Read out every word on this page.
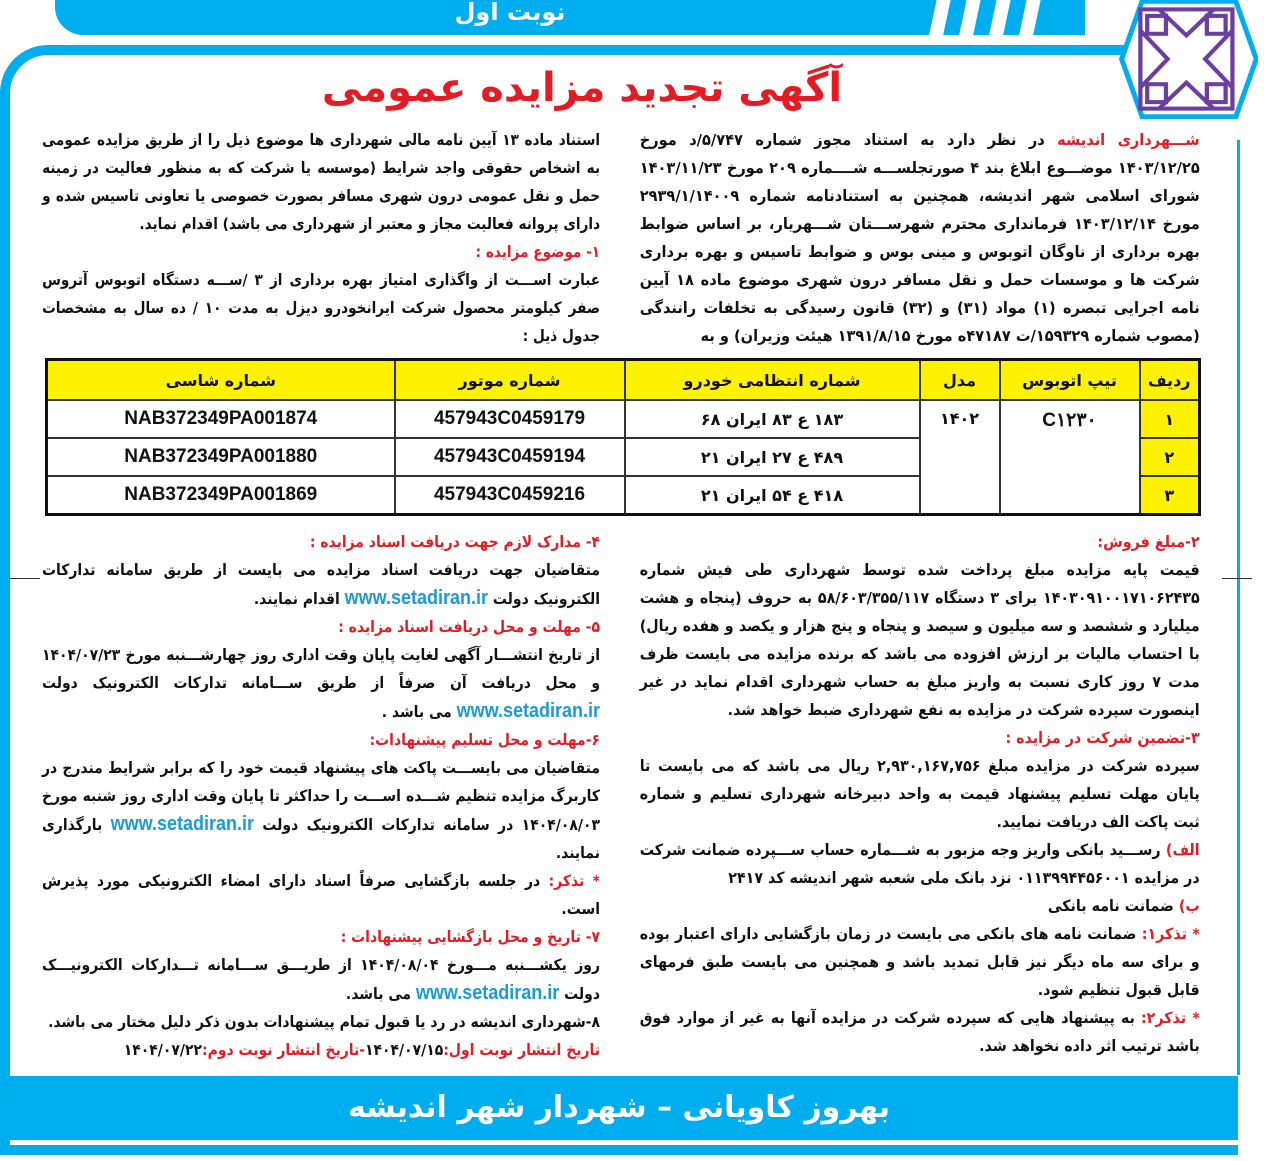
نوبت اول
آگهی تجدید مزایده عمومی

شـــهرداری اندیشه در نظر دارد به استناد مجوز شماره ۵/۷۴۷/د مورخ ۱۴۰۳/۱۲/۲۵ موضـــوع ابلاغ بند ۴ صورتجلســـه شــــماره ۲۰۹ مورخ ۱۴۰۳/۱۱/۲۳ شورای اسلامی شهر اندیشه، همچنین به استنادنامه شماره ۲۹۳۹/۱/۱۴۰۰۹ مورخ ۱۴۰۳/۱۲/۱۴ فرمانداری محترم شهرســـتان شـــهریار، بر اساس ضوابط بهره برداری از ناوگان اتوبوس و مینی بوس و ضوابط تاسیس و بهره برداری شرکت ها و موسسات حمل و نقل مسافر درون شهری موضوع ماده ۱۸ آیین نامه اجرایی تبصره (۱) مواد (۳۱) و (۳۲) قانون رسیدگی به تخلفات رانندگی (مصوب شماره ۱۵۹۳۲۹/ت ۴۷۱۸۷ه مورخ ۱۳۹۱/۸/۱۵ هیئت وزیران) و به

استناد ماده ۱۳ آیین نامه مالی شهرداری ها موضوع ذیل را از طریق مزایده عمومی به اشخاص حقوقی واجد شرایط (موسسه یا شرکت که به منظور فعالیت در زمینه حمل و نقل عمومی درون شهری مسافر بصورت خصوصی یا تعاونی تاسیس شده و دارای پروانه فعالیت مجاز و معتبر از شهرداری می باشد) اقدام نماید.

۱- موضوع مزایده :

عبارت اســـت از واگذاری امتیاز بهره برداری از ۳ /ســـه دستگاه اتوبوس آتروس صفر کیلومتر محصول شرکت ایرانخودرو دیزل به مدت ۱۰ / ده سال به مشخصات جدول ذیل :

ردیف	تیپ اتوبوس	مدل	شماره انتظامی خودرو	شماره موتور	شماره شاسی
۱	C۱۲۳۰	۱۴۰۲	۱۸۳ ع ۸۳ ایران ۶۸	457943C0459179	NAB372349PA001874
۲			۴۸۹ ع ۲۷ ایران ۲۱	457943C0459194	NAB372349PA001880
۳			۴۱۸ ع ۵۴ ایران ۲۱	457943C0459216	NAB372349PA001869

۲-مبلغ فروش:

قیمت پایه مزایده مبلغ پرداخت شده توسط شهرداری طی فیش شماره ۱۴۰۳۰۹۱۰۰۱۷۱۰۶۲۴۳۵ برای ۳ دستگاه ۵۸/۶۰۳/۳۵۵/۱۱۷ به حروف (پنجاه و هشت میلیارد و ششصد و سه میلیون و سیصد و پنجاه و پنج هزار و یکصد و هفده ریال) با احتساب مالیات بر ارزش افزوده می باشد که برنده مزایده می بایست ظرف مدت ۷ روز کاری نسبت به واریز مبلغ به حساب شهرداری اقدام نماید در غیر اینصورت سپرده شرکت در مزایده به نفع شهرداری ضبط خواهد شد.

۳-تضمین شرکت در مزایده :

سپرده شرکت در مزایده مبلغ ۲,۹۳۰,۱۶۷,۷۵۶ ریال می باشد که می بایست تا پایان مهلت تسلیم پیشنهاد قیمت به واحد دبیرخانه شهرداری تسلیم و شماره ثبت پاکت الف دریافت نمایید.

الف) رســـید بانکی واریز وجه مزبور به شـــماره حساب ســـپرده ضمانت شرکت در مزایده ۰۱۱۳۹۹۴۴۵۶۰۰۱ نزد بانک ملی شعبه شهر اندیشه کد ۲۴۱۷

ب) ضمانت نامه بانکی

* تذکر۱: ضمانت نامه های بانکی می بایست در زمان بازگشایی دارای اعتبار بوده و برای سه ماه دیگر نیز قابل تمدید باشد و همچنین می بایست طبق فرمهای قابل قبول تنظیم شود.

* تذکر۲: به پیشنهاد هایی که سپرده شرکت در مزایده آنها به غیر از موارد فوق باشد ترتیب اثر داده نخواهد شد.

۴- مدارک لازم جهت دریافت اسناد مزایده :

متقاضیان جهت دریافت اسناد مزایده می بایست از طریق سامانه تدارکات الکترونیک دولت www.setadiran.ir اقدام نمایند.

۵- مهلت و محل دریافت اسناد مزایده :

از تاریخ انتشـــار آگهی لغایت پایان وقت اداری روز چهارشـــنبه مورخ ۱۴۰۴/۰۷/۲۳ و محل دریافت آن صرفاً از طریق ســـامانه تدارکات الکترونیک دولت www.setadiran.ir می باشد .

۶-مهلت و محل تسلیم پیشنهادات:

متقاضیان می بایســـت پاکت های پیشنهاد قیمت خود را که برابر شرایط مندرج در کاربرگ مزایده تنظیم شـــده اســـت را حداکثر تا پایان وقت اداری روز شنبه مورخ ۱۴۰۴/۰۸/۰۳ در سامانه تدارکات الکترونیک دولت www.setadiran.ir بارگذاری نمایند.

* تذکر: در جلسه بازگشایی صرفاً اسناد دارای امضاء الکترونیکی مورد پذیرش است.

۷- تاریخ و محل بازگشایی پیشنهادات :

روز یکشـــنبه مـــورخ ۱۴۰۴/۰۸/۰۴ از طریـــق ســـامانه تـــدارکات الکترونیـــک دولت www.setadiran.ir می باشد.

۸-شهرداری اندیشه در رد یا قبول تمام پیشنهادات بدون ذکر دلیل مختار می باشد.

تاریخ انتشار نوبت اول:۱۴۰۴/۰۷/۱۵-تاریخ انتشار نوبت دوم:۱۴۰۴/۰۷/۲۲

بهروز کاویانی – شهردار شهر اندیشه
